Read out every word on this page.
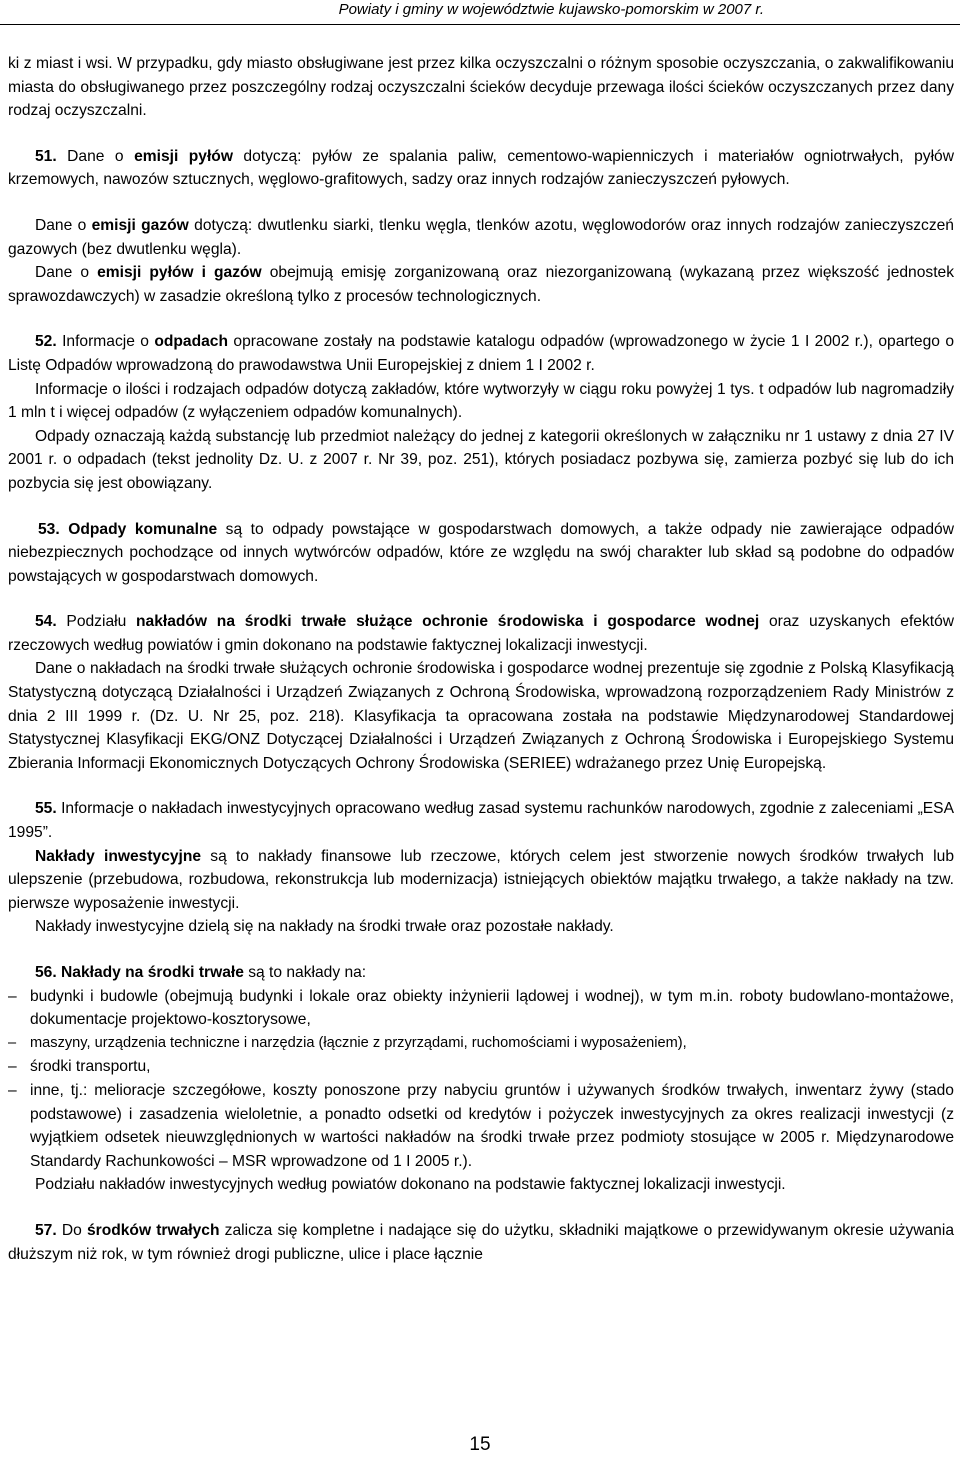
Powiaty i gminy w województwie kujawsko-pomorskim w 2007 r.

ki z miast i wsi. W przypadku, gdy miasto obsługiwane jest przez kilka oczyszczalni o różnym sposobie oczyszczania, o zakwalifikowaniu miasta do obsługiwanego przez poszczególny rodzaj oczyszczalni ścieków decyduje przewaga ilości ścieków oczyszczanych przez dany rodzaj oczyszczalni.

51. Dane o emisji pyłów dotyczą: pyłów ze spalania paliw, cementowo-wapienniczych i materiałów ogniotrwałych, pyłów krzemowych, nawozów sztucznych, węglowo-grafitowych, sadzy oraz innych rodzajów zanieczyszczeń pyłowych.

Dane o emisji gazów dotyczą: dwutlenku siarki, tlenku węgla, tlenków azotu, węglowodorów oraz innych rodzajów zanieczyszczeń gazowych (bez dwutlenku węgla).

Dane o emisji pyłów i gazów obejmują emisję zorganizowaną oraz niezorganizowaną (wykazaną przez większość jednostek sprawozdawczych) w zasadzie określoną tylko z procesów technologicznych.

52. Informacje o odpadach opracowane zostały na podstawie katalogu odpadów (wprowadzonego w życie 1 I 2002 r.), opartego o Listę Odpadów wprowadzoną do prawodawstwa Unii Europejskiej z dniem 1 I 2002 r.

Informacje o ilości i rodzajach odpadów dotyczą zakładów, które wytworzyły w ciągu roku powyżej 1 tys. t odpadów lub nagromadziły 1 mln t i więcej odpadów (z wyłączeniem odpadów komunalnych).

Odpady oznaczają każdą substancję lub przedmiot należący do jednej z kategorii określonych w załączniku nr 1 ustawy z dnia 27 IV 2001 r. o odpadach (tekst jednolity Dz. U. z 2007 r. Nr 39, poz. 251), których posiadacz pozbywa się, zamierza pozbyć się lub do ich pozbycia się jest obowiązany.

53. Odpady komunalne są to odpady powstające w gospodarstwach domowych, a także odpady nie zawierające odpadów niebezpiecznych pochodzące od innych wytwórców odpadów, które ze względu na swój charakter lub skład są podobne do odpadów powstających w gospodarstwach domowych.

54. Podziału nakładów na środki trwałe służące ochronie środowiska i gospodarce wodnej oraz uzyskanych efektów rzeczowych według powiatów i gmin dokonano na podstawie faktycznej lokalizacji inwestycji.

Dane o nakładach na środki trwałe służących ochronie środowiska i gospodarce wodnej prezentuje się zgodnie z Polską Klasyfikacją Statystyczną dotyczącą Działalności i Urządzeń Związanych z Ochroną Środowiska, wprowadzoną rozporządzeniem Rady Ministrów z dnia 2 III 1999 r. (Dz. U. Nr 25, poz. 218). Klasyfikacja ta opracowana została na podstawie Międzynarodowej Standardowej Statystycznej Klasyfikacji EKG/ONZ Dotyczącej Działalności i Urządzeń Związanych z Ochroną Środowiska i Europejskiego Systemu Zbierania Informacji Ekonomicznych Dotyczących Ochrony Środowiska (SERIEE) wdrażanego przez Unię Europejską.

55. Informacje o nakładach inwestycyjnych opracowano według zasad systemu rachunków narodowych, zgodnie z zaleceniami „ESA 1995”.

Nakłady inwestycyjne są to nakłady finansowe lub rzeczowe, których celem jest stworzenie nowych środków trwałych lub ulepszenie (przebudowa, rozbudowa, rekonstrukcja lub modernizacja) istniejących obiektów majątku trwałego, a także nakłady na tzw. pierwsze wyposażenie inwestycji.

Nakłady inwestycyjne dzielą się na nakłady na środki trwałe oraz pozostałe nakłady.

56. Nakłady na środki trwałe są to nakłady na:

– budynki i budowle (obejmują budynki i lokale oraz obiekty inżynierii lądowej i wodnej), w tym m.in. roboty budowlano-montażowe, dokumentacje projektowo-kosztorysowe,
– maszyny, urządzenia techniczne i narzędzia (łącznie z przyrządami, ruchomościami i wyposażeniem),
– środki transportu,
– inne, tj.: melioracje szczegółowe, koszty ponoszone przy nabyciu gruntów i używanych środków trwałych, inwentarz żywy (stado podstawowe) i zasadzenia wieloletnie, a ponadto odsetki od kredytów i pożyczek inwestycyjnych za okres realizacji inwestycji (z wyjątkiem odsetek nieuwzględnionych w wartości nakładów na środki trwałe przez podmioty stosujące w 2005 r. Międzynarodowe Standardy Rachunkowości – MSR wprowadzone od 1 I 2005 r.).

Podziału nakładów inwestycyjnych według powiatów dokonano na podstawie faktycznej lokalizacji inwestycji.

57. Do środków trwałych zalicza się kompletne i nadające się do użytku, składniki majątkowe o przewidywanym okresie używania dłuższym niż rok, w tym również drogi publiczne, ulice i place łącznie

15
